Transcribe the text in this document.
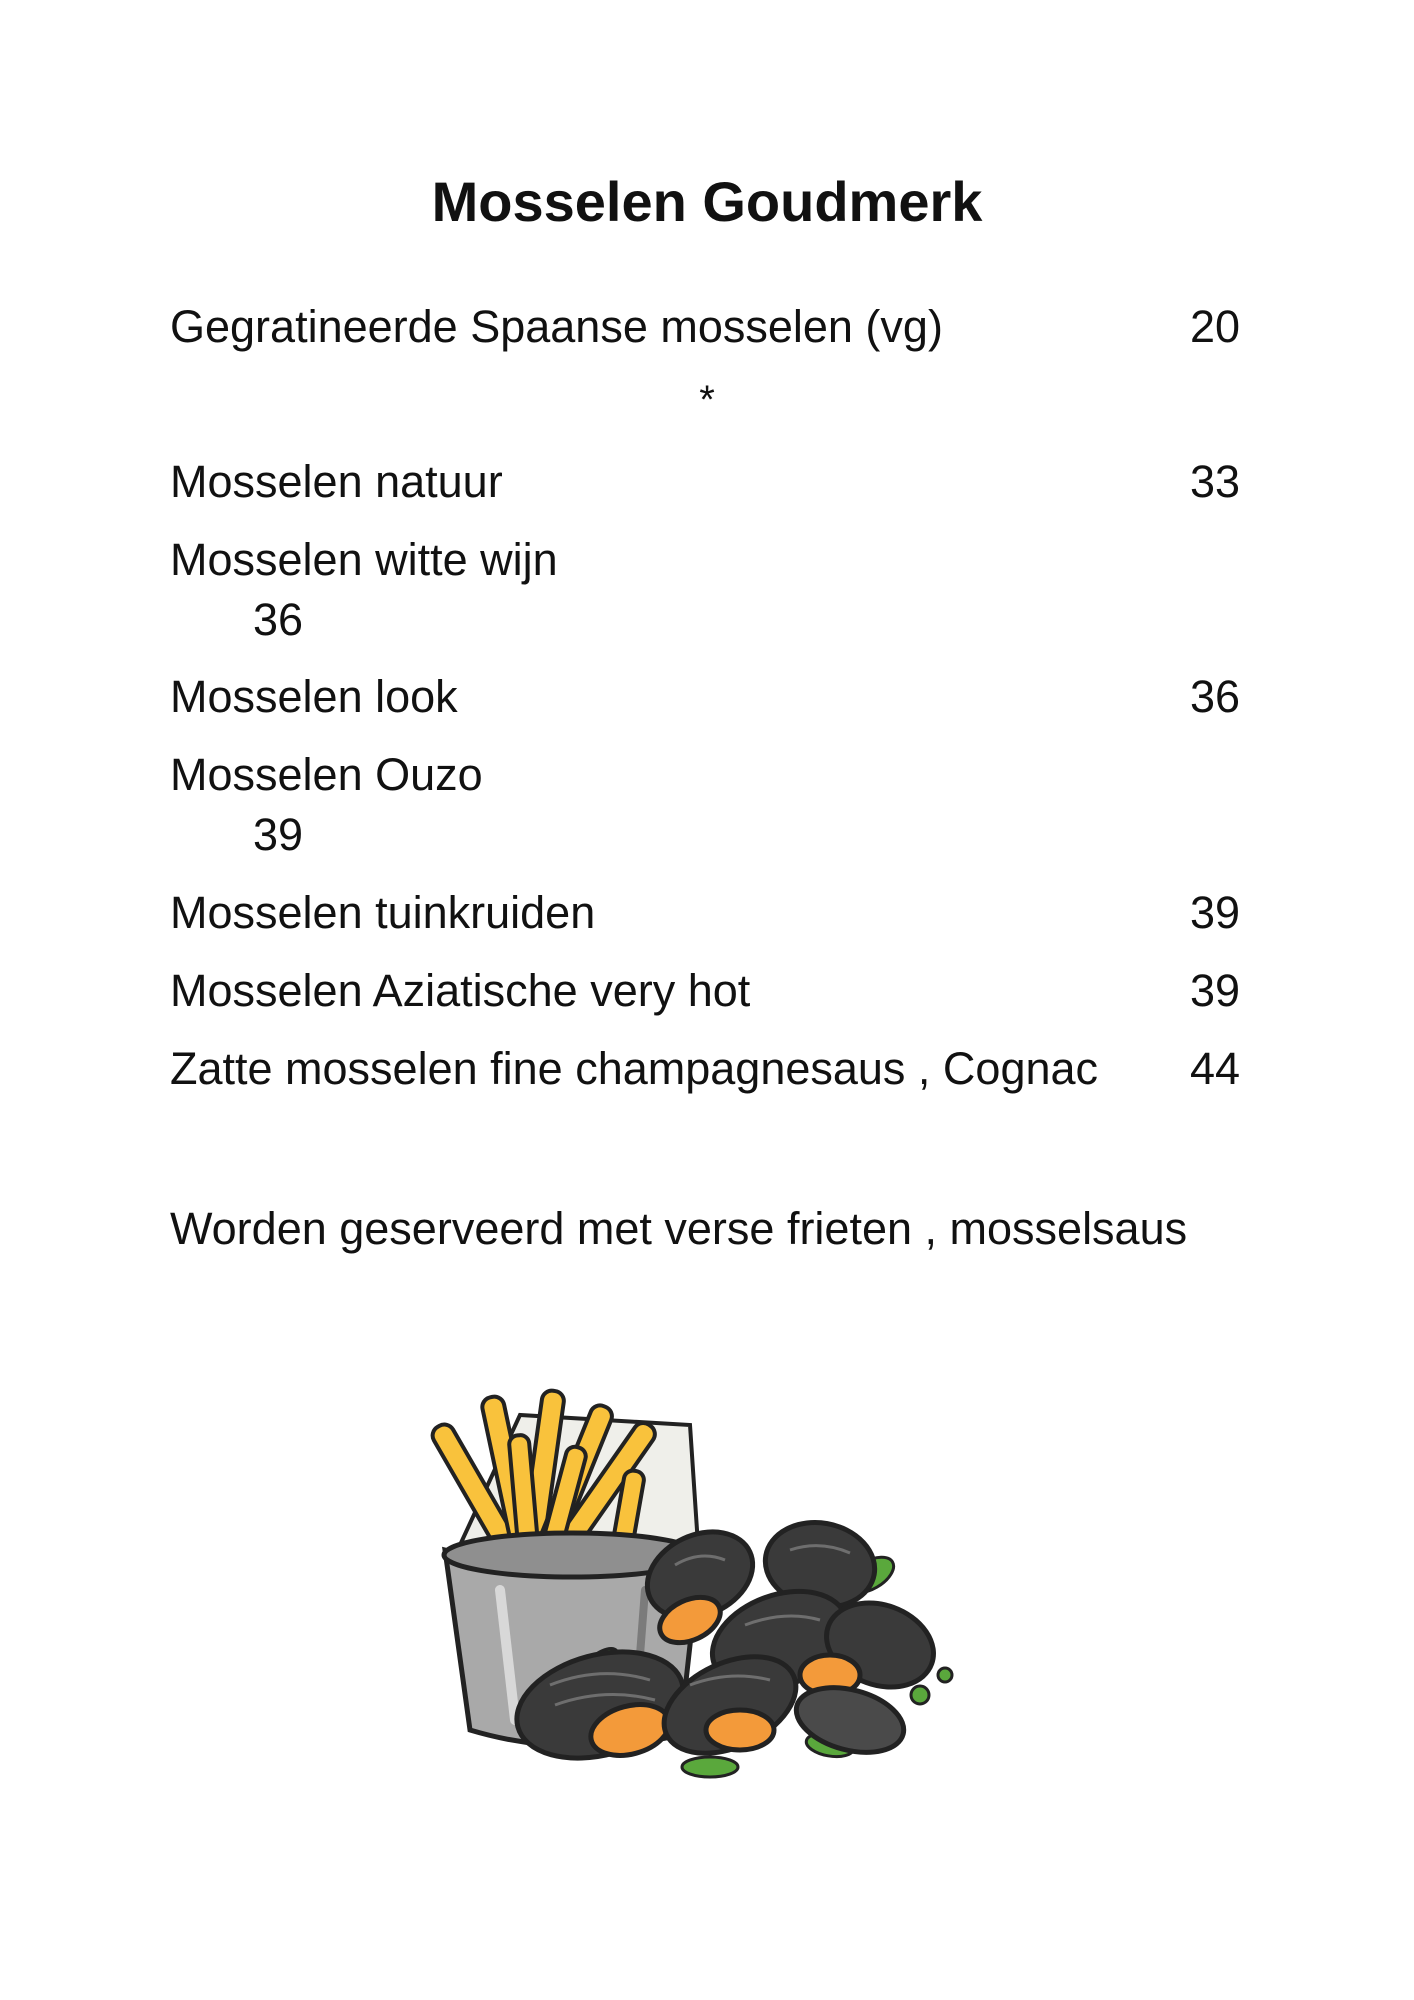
Mosselen Goudmerk
Gegratineerde Spaanse mosselen (vg)	20
*
Mosselen natuur	33
Mosselen witte wijn
36
Mosselen look	36
Mosselen Ouzo
39
Mosselen tuinkruiden	39
Mosselen Aziatische very hot	39
Zatte mosselen fine champagnesaus , Cognac 44
Worden geserveerd met verse frieten , mosselsaus
